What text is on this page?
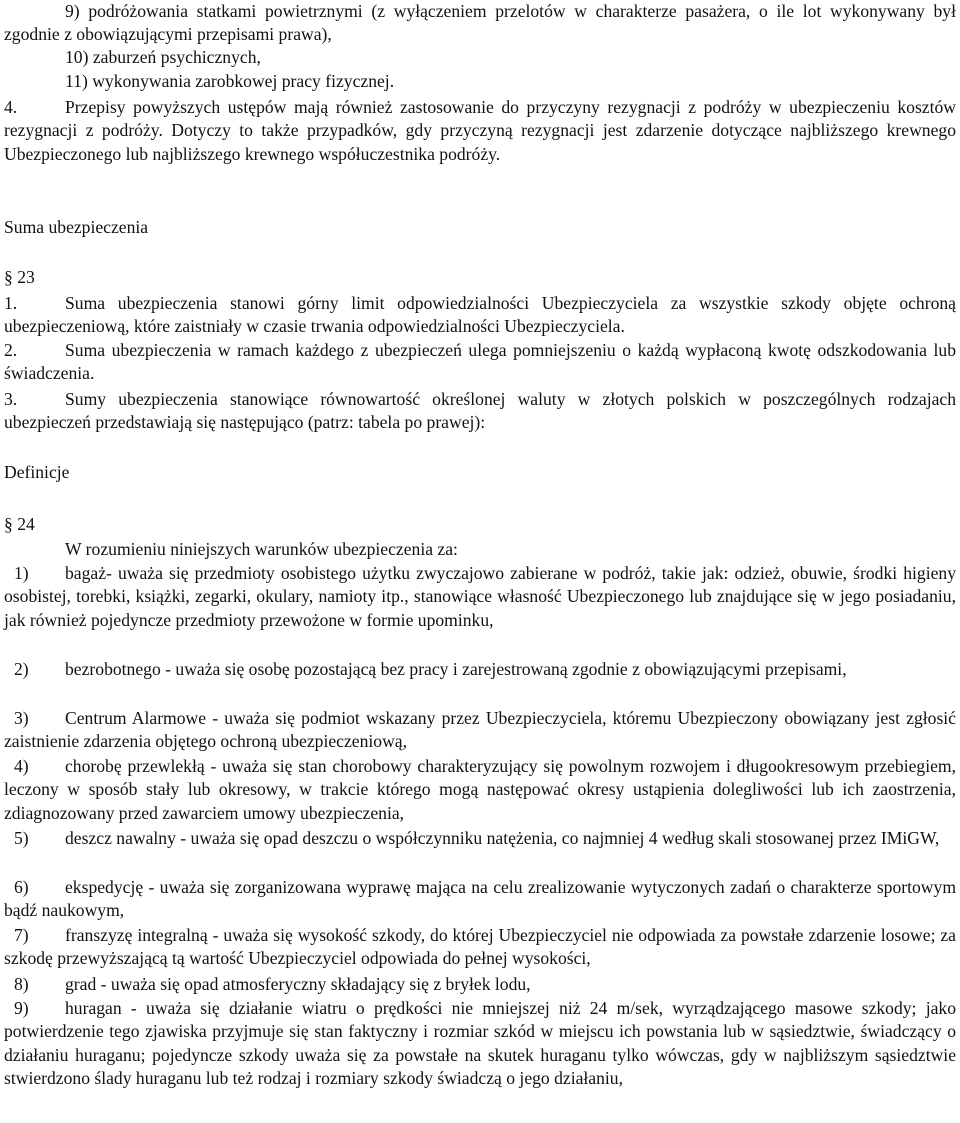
9) podróżowania statkami powietrznymi (z wyłączeniem przelotów w charakterze pasażera, o ile lot wykonywany był zgodnie z obowiązującymi przepisami prawa),

10) zaburzeń psychicznych,

11) wykonywania zarobkowej pracy fizycznej.

4.	Przepisy powyższych ustępów mają również zastosowanie do przyczyny rezygnacji z podróży w ubezpieczeniu kosztów rezygnacji z podróży. Dotyczy to także przypadków, gdy przyczyną rezygnacji jest zdarzenie dotyczące najbliższego krewnego Ubezpieczonego lub najbliższego krewnego współuczestnika podróży.

Suma ubezpieczenia
§ 23

1.	Suma ubezpieczenia stanowi górny limit odpowiedzialności Ubezpieczyciela za wszystkie szkody objęte ochroną ubezpieczeniową, które zaistniały w czasie trwania odpowiedzialności Ubezpieczyciela.

2.	Suma ubezpieczenia w ramach każdego z ubezpieczeń ulega pomniejszeniu o każdą wypłaconą kwotę odszkodowania lub świadczenia.

3.	Sumy ubezpieczenia stanowiące równowartość określonej waluty w złotych polskich w poszczególnych rodzajach ubezpieczeń przedstawiają się następująco (patrz: tabela po prawej):

Definicje
§ 24

W rozumieniu niniejszych warunków ubezpieczenia za:

1) bagaż- uważa się przedmioty osobistego użytku zwyczajowo zabierane w podróż, takie jak: odzież, obuwie, środki higieny osobistej, torebki, książki, zegarki, okulary, namioty itp., stanowiące własność Ubezpieczonego lub znajdujące się w jego posiadaniu, jak również pojedyncze przedmioty przewożone w formie upominku,

2) bezrobotnego - uważa się osobę pozostającą bez pracy i zarejestrowaną zgodnie z obowiązującymi przepisami,

3) Centrum Alarmowe - uważa się podmiot wskazany przez Ubezpieczyciela, któremu Ubezpieczony obowiązany jest zgłosić zaistnienie zdarzenia objętego ochroną ubezpieczeniową,

4) chorobę przewlekłą - uważa się stan chorobowy charakteryzujący się powolnym rozwojem i długookresowym przebiegiem, leczony w sposób stały lub okresowy, w trakcie którego mogą następować okresy ustąpienia dolegliwości lub ich zaostrzenia, zdiagnozowany przed zawarciem umowy ubezpieczenia,

5) deszcz nawalny - uważa się opad deszczu o współczynniku natężenia, co najmniej 4 według skali stosowanej przez IMiGW,

6) ekspedycję - uważa się zorganizowana wyprawę mająca na celu zrealizowanie wytyczonych zadań o charakterze sportowym bądź naukowym,

7) franszyzę integralną - uważa się wysokość szkody, do której Ubezpieczyciel nie odpowiada za powstałe zdarzenie losowe; za szkodę przewyższającą tą wartość Ubezpieczyciel odpowiada do pełnej wysokości,

8) grad - uważa się opad atmosferyczny składający się z bryłek lodu,

9) huragan - uważa się działanie wiatru o prędkości nie mniejszej niż 24 m/sek, wyrządzającego masowe szkody; jako potwierdzenie tego zjawiska przyjmuje się stan faktyczny i rozmiar szkód w miejscu ich powstania lub w sąsiedztwie, świadczący o działaniu huraganu; pojedyncze szkody uważa się za powstałe na skutek huraganu tylko wówczas, gdy w najbliższym sąsiedztwie stwierdzono ślady huraganu lub też rodzaj i rozmiary szkody świadczą o jego działaniu,
